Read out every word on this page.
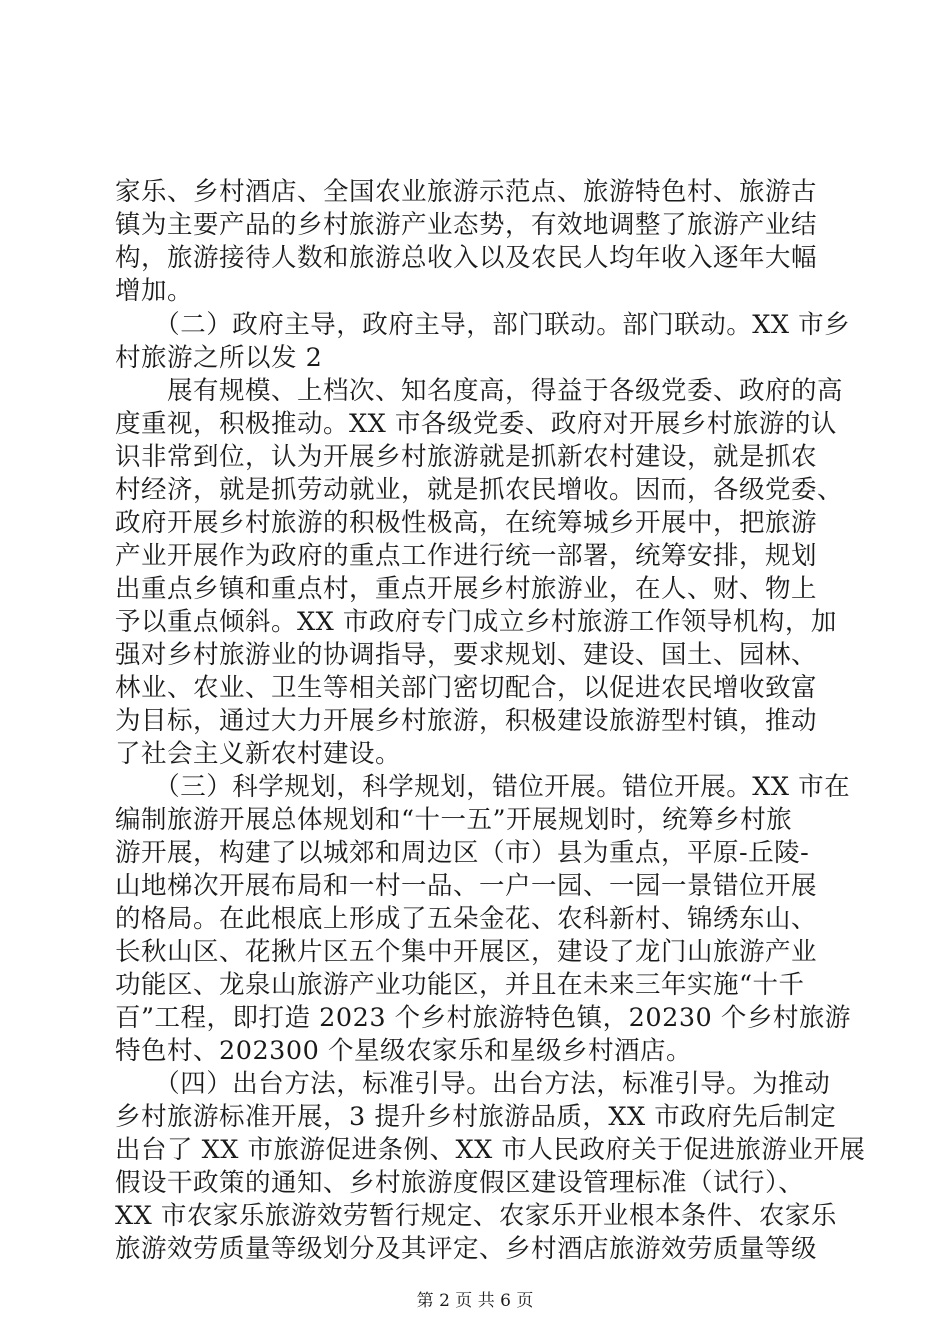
家乐、乡村酒店、全国农业旅游示范点、旅游特色村、旅游古
镇为主要产品的乡村旅游产业态势，有效地调整了旅游产业结
构，旅游接待人数和旅游总收入以及农民人均年收入逐年大幅
增加。
　　（二）政府主导，政府主导，部门联动。部门联动。XX 市乡
村旅游之所以发 2
　　展有规模、上档次、知名度高，得益于各级党委、政府的高
度重视，积极推动。XX 市各级党委、政府对开展乡村旅游的认
识非常到位，认为开展乡村旅游就是抓新农村建设，就是抓农
村经济，就是抓劳动就业，就是抓农民增收。因而，各级党委、
政府开展乡村旅游的积极性极高，在统筹城乡开展中，把旅游
产业开展作为政府的重点工作进行统一部署，统筹安排，规划
出重点乡镇和重点村，重点开展乡村旅游业，在人、财、物上
予以重点倾斜。XX 市政府专门成立乡村旅游工作领导机构，加
强对乡村旅游业的协调指导，要求规划、建设、国土、园林、
林业、农业、卫生等相关部门密切配合，以促进农民增收致富
为目标，通过大力开展乡村旅游，积极建设旅游型村镇，推动
了社会主义新农村建设。
　　（三）科学规划，科学规划，错位开展。错位开展。XX 市在
编制旅游开展总体规划和“十一五”开展规划时，统筹乡村旅
游开展，构建了以城郊和周边区（市）县为重点，平原-丘陵-
山地梯次开展布局和一村一品、一户一园、一园一景错位开展
的格局。在此根底上形成了五朵金花、农科新村、锦绣东山、
长秋山区、花揪片区五个集中开展区，建设了龙门山旅游产业
功能区、龙泉山旅游产业功能区，并且在未来三年实施“十千
百”工程，即打造 2023 个乡村旅游特色镇，20230 个乡村旅游
特色村、202300 个星级农家乐和星级乡村酒店。
　　（四）出台方法，标准引导。出台方法，标准引导。为推动
乡村旅游标准开展，3 提升乡村旅游品质，XX 市政府先后制定
出台了 XX 市旅游促进条例、XX 市人民政府关于促进旅游业开展
假设干政策的通知、乡村旅游度假区建设管理标准（试行）、
XX 市农家乐旅游效劳暂行规定、农家乐开业根本条件、农家乐
旅游效劳质量等级划分及其评定、乡村酒店旅游效劳质量等级
第 2 页 共 6 页
